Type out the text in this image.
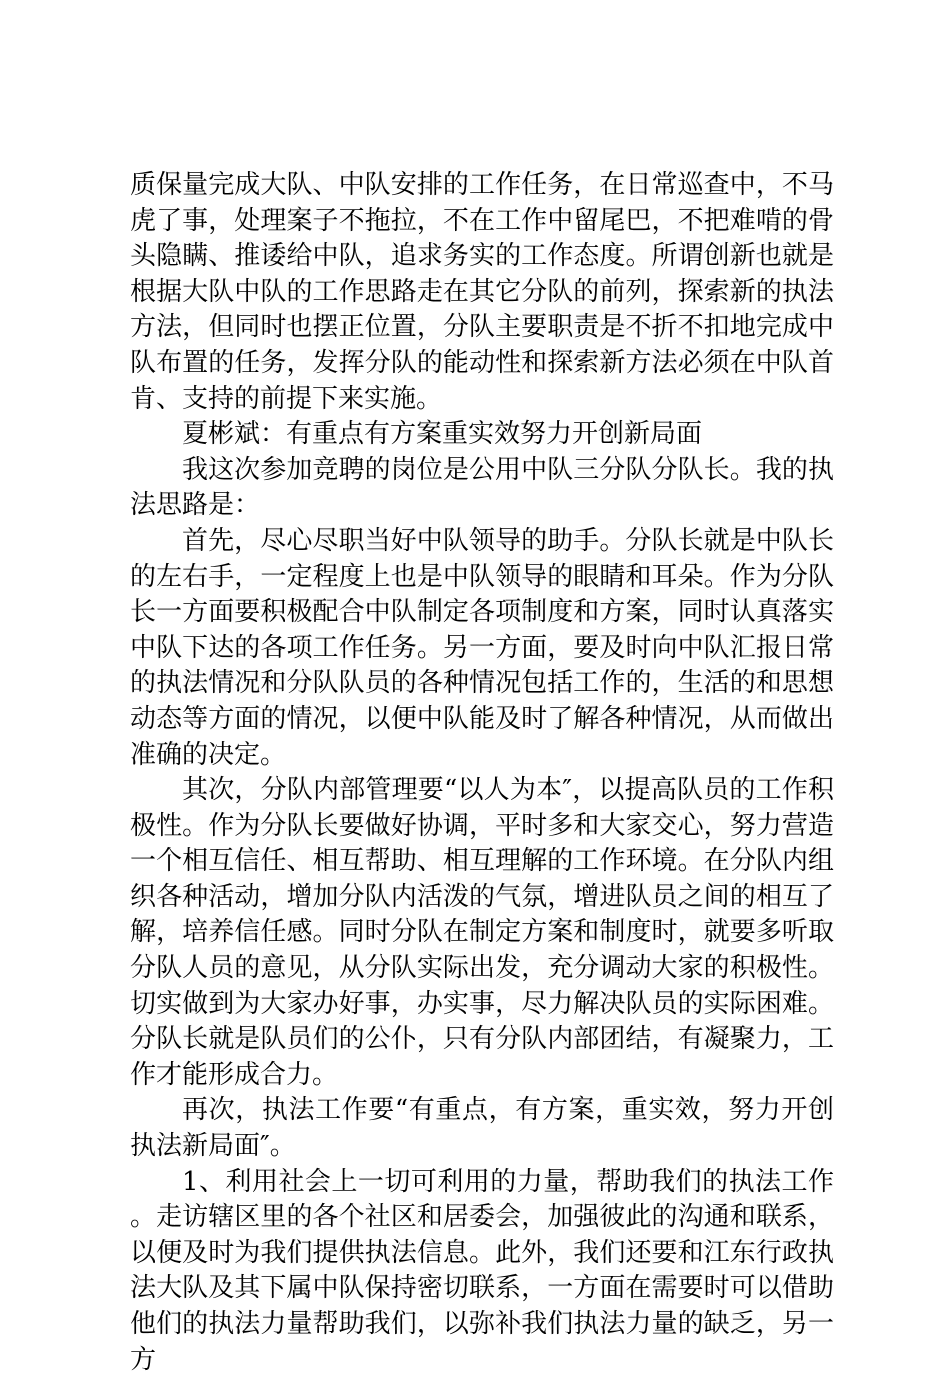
质保量完成大队、中队安排的工作任务，在日常巡查中，不马虎了事，处理案子不拖拉，不在工作中留尾巴，不把难啃的骨头隐瞒、推诿给中队，追求务实的工作态度。所谓创新也就是根据大队中队的工作思路走在其它分队的前列，探索新的执法方法，但同时也摆正位置，分队主要职责是不折不扣地完成中队布置的任务，发挥分队的能动性和探索新方法必须在中队首肯、支持的前提下来实施。

夏彬斌：有重点有方案重实效努力开创新局面

我这次参加竞聘的岗位是公用中队三分队分队长。我的执法思路是：

首先，尽心尽职当好中队领导的助手。分队长就是中队长的左右手，一定程度上也是中队领导的眼睛和耳朵。作为分队长一方面要积极配合中队制定各项制度和方案，同时认真落实中队下达的各项工作任务。另一方面，要及时向中队汇报日常的执法情况和分队队员的各种情况包括工作的，生活的和思想动态等方面的情况，以便中队能及时了解各种情况，从而做出准确的决定。

其次，分队内部管理要“以人为本″，以提高队员的工作积极性。作为分队长要做好协调，平时多和大家交心，努力营造一个相互信任、相互帮助、相互理解的工作环境。在分队内组织各种活动，增加分队内活泼的气氛，增进队员之间的相互了解，培养信任感。同时分队在制定方案和制度时，就要多听取分队人员的意见，从分队实际出发，充分调动大家的积极性。切实做到为大家办好事，办实事，尽力解决队员的实际困难。分队长就是队员们的公仆，只有分队内部团结，有凝聚力，工作才能形成合力。

再次，执法工作要“有重点，有方案，重实效，努力开创执法新局面″。

1、利用社会上一切可利用的力量，帮助我们的执法工作。走访辖区里的各个社区和居委会，加强彼此的沟通和联系，以便及时为我们提供执法信息。此外，我们还要和江东行政执法大队及其下属中队保持密切联系，一方面在需要时可以借助他们的执法力量帮助我们，以弥补我们执法力量的缺乏，另一方
